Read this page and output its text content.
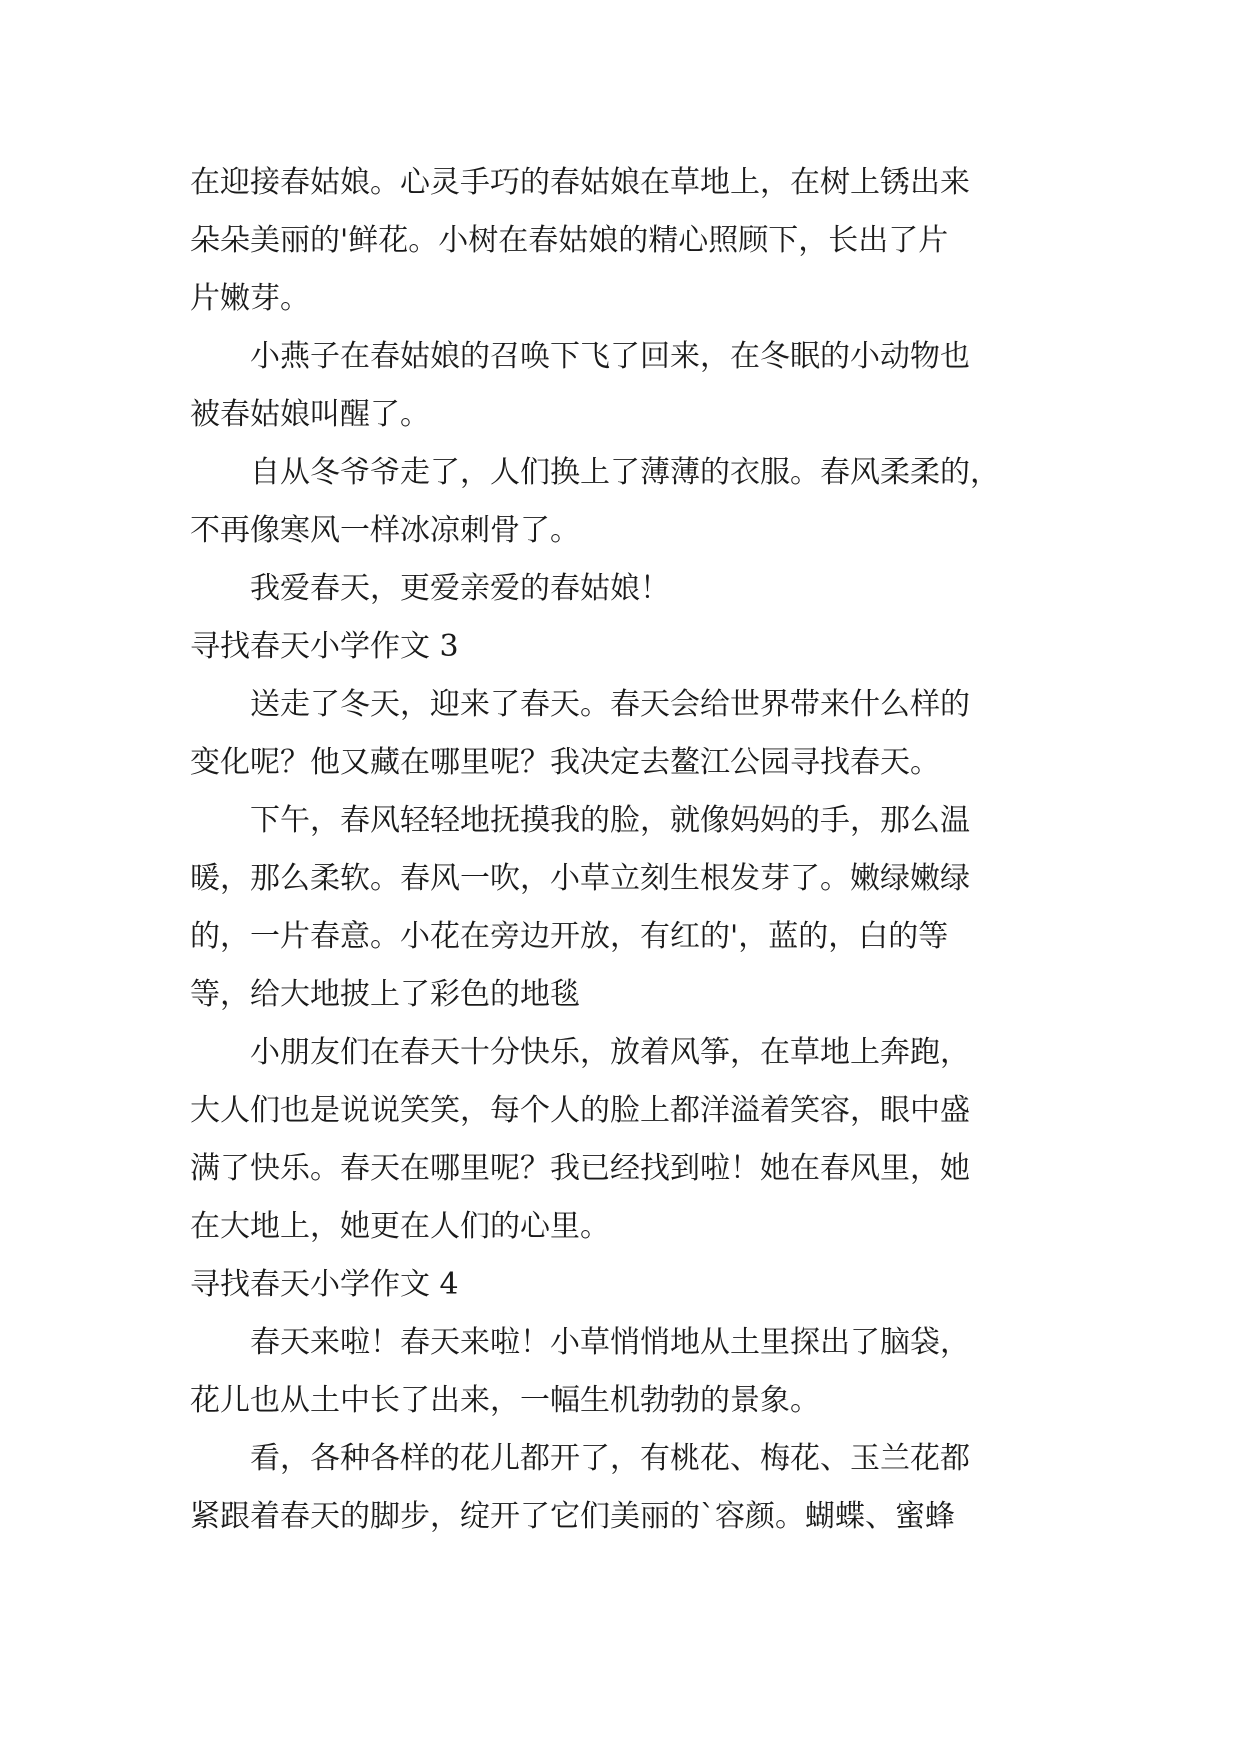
在迎接春姑娘。心灵手巧的春姑娘在草地上，在树上锈出来
朵朵美丽的'鲜花。小树在春姑娘的精心照顾下，长出了片
片嫩芽。
小燕子在春姑娘的召唤下飞了回来，在冬眠的小动物也
被春姑娘叫醒了。
自从冬爷爷走了，人们换上了薄薄的衣服。春风柔柔的，
不再像寒风一样冰凉刺骨了。
我爱春天，更爱亲爱的春姑娘！
寻找春天小学作文 3
送走了冬天，迎来了春天。春天会给世界带来什么样的
变化呢？他又藏在哪里呢？我决定去鳌江公园寻找春天。
下午，春风轻轻地抚摸我的脸，就像妈妈的手，那么温
暖，那么柔软。春风一吹，小草立刻生根发芽了。嫩绿嫩绿
的，一片春意。小花在旁边开放，有红的'，蓝的，白的等
等，给大地披上了彩色的地毯
小朋友们在春天十分快乐，放着风筝，在草地上奔跑，
大人们也是说说笑笑，每个人的脸上都洋溢着笑容，眼中盛
满了快乐。春天在哪里呢？我已经找到啦！她在春风里，她
在大地上，她更在人们的心里。
寻找春天小学作文 4
春天来啦！春天来啦！小草悄悄地从土里探出了脑袋，
花儿也从土中长了出来，一幅生机勃勃的景象。
看，各种各样的花儿都开了，有桃花、梅花、玉兰花都
紧跟着春天的脚步，绽开了它们美丽的`容颜。蝴蝶、蜜蜂
